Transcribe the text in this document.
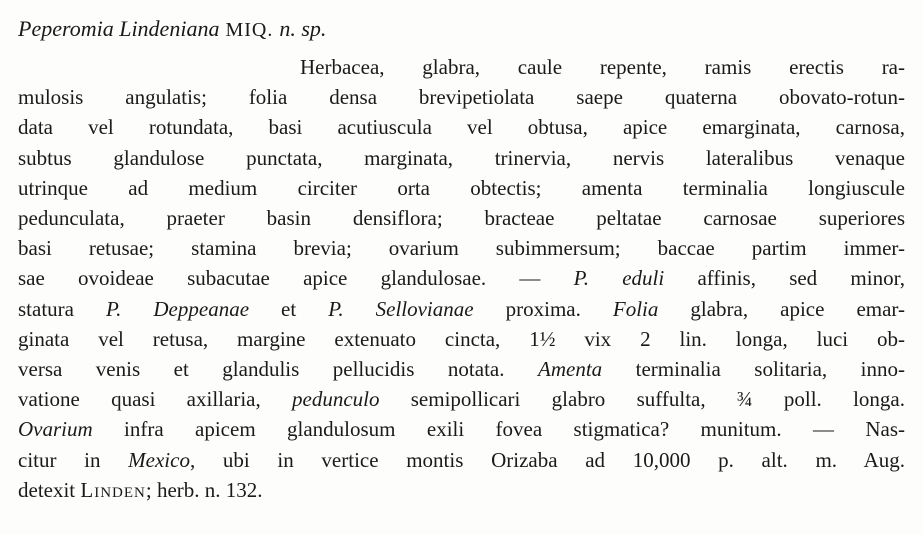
Peperomia Lindeniana MIQ. n. sp.
Herbacea, glabra, caule repente, ramis erectis ra-
mulosis angulatis; folia densa brevipetiolata saepe quaterna obovato-rotun-
data vel rotundata, basi acutiuscula vel obtusa, apice emarginata, carnosa,
subtus glandulose punctata, marginata, trinervia, nervis lateralibus venaque
utrinque ad medium circiter orta obtectis; amenta terminalia longiuscule
pedunculata, praeter basin densiflora; bracteae peltatae carnosae superiores
basi retusae; stamina brevia; ovarium subimmersum; baccae partim immer-
sae ovoideae subacutae apice glandulosae. — P. eduli affinis, sed minor,
statura P. Deppeanae et P. Sellovianae proxima. Folia glabra, apice emar-
ginata vel retusa, margine extenuato cincta, 1½ vix 2 lin. longa, luci ob-
versa venis et glandulis pellucidis notata. Amenta terminalia solitaria, inno-
vatione quasi axillaria, pedunculo semipollicari glabro suffulta, ¾ poll. longa.
Ovarium infra apicem glandulosum exili fovea stigmatica? munitum. — Nas-
citur in Mexico, ubi in vertice montis Orizaba ad 10,000 p. alt. m. Aug.
detexit Linden; herb. n. 132.
